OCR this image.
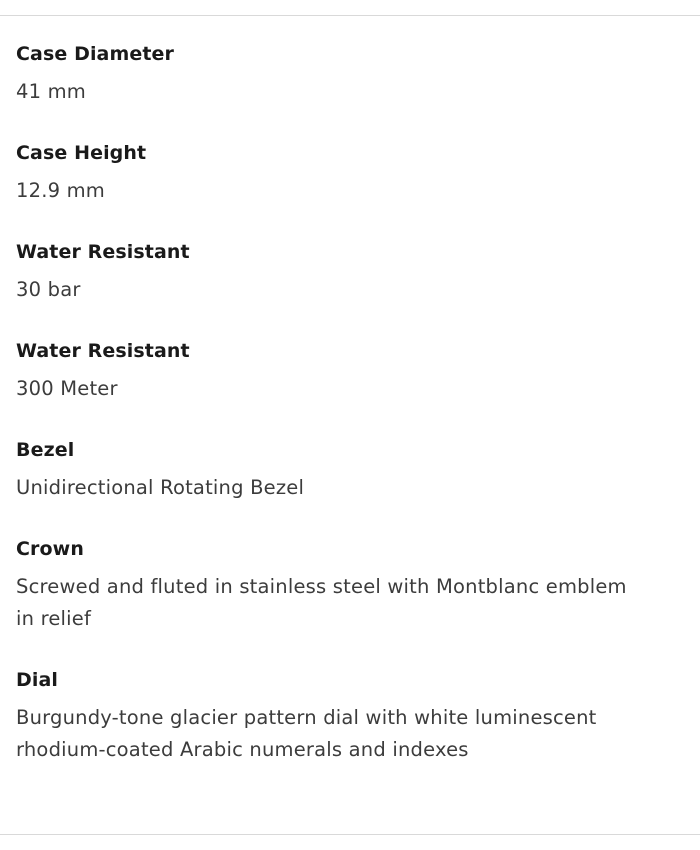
Case Diameter
41 mm
Case Height
12.9 mm
Water Resistant
30 bar
Water Resistant
300 Meter
Bezel
Unidirectional Rotating Bezel
Crown
Screwed and fluted in stainless steel with Montblanc emblem in relief
Dial
Burgundy-tone glacier pattern dial with white luminescent rhodium-coated Arabic numerals and indexes
